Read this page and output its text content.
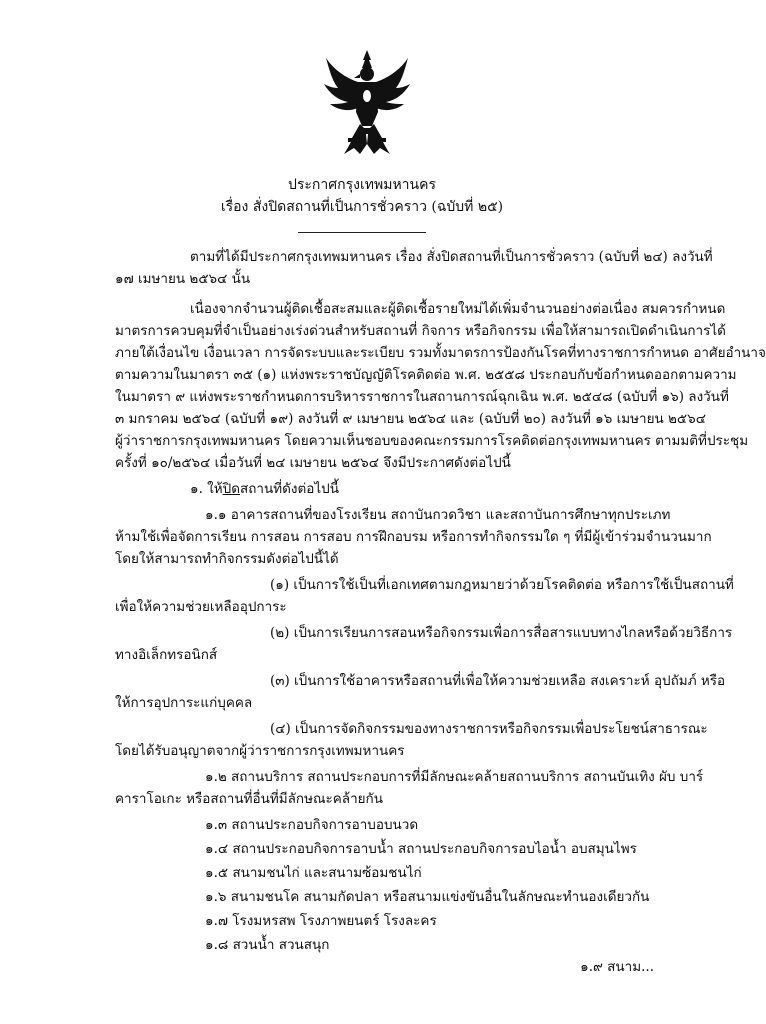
ประกาศกรุงเทพมหานคร
เรื่อง สั่งปิดสถานที่เป็นการชั่วคราว (ฉบับที่ ๒๕)
ตามที่ได้มีประกาศกรุงเทพมหานคร เรื่อง สั่งปิดสถานที่เป็นการชั่วคราว (ฉบับที่ ๒๔) ลงวันที่
๑๗ เมษายน ๒๕๖๔ นั้น
เนื่องจากจำนวนผู้ติดเชื้อสะสมและผู้ติดเชื้อรายใหม่ได้เพิ่มจำนวนอย่างต่อเนื่อง สมควรกำหนด
มาตรการควบคุมที่จำเป็นอย่างเร่งด่วนสำหรับสถานที่ กิจการ หรือกิจกรรม เพื่อให้สามารถเปิดดำเนินการได้
ภายใต้เงื่อนไข เงื่อนเวลา การจัดระบบและระเบียบ รวมทั้งมาตรการป้องกันโรคที่ทางราชการกำหนด อาศัยอำนาจ
ตามความในมาตรา ๓๕ (๑) แห่งพระราชบัญญัติโรคติดต่อ พ.ศ. ๒๕๕๘ ประกอบกับข้อกำหนดออกตามความ
ในมาตรา ๙ แห่งพระราชกำหนดการบริหารราชการในสถานการณ์ฉุกเฉิน พ.ศ. ๒๕๔๘ (ฉบับที่ ๑๖) ลงวันที่
๓ มกราคม ๒๕๖๔ (ฉบับที่ ๑๙) ลงวันที่ ๙ เมษายน ๒๕๖๔ และ (ฉบับที่ ๒๐) ลงวันที่ ๑๖ เมษายน ๒๕๖๔
ผู้ว่าราชการกรุงเทพมหานคร โดยความเห็นชอบของคณะกรรมการโรคติดต่อกรุงเทพมหานคร ตามมติที่ประชุม
ครั้งที่ ๑๐/๒๕๖๔ เมื่อวันที่ ๒๔ เมษายน ๒๕๖๔ จึงมีประกาศดังต่อไปนี้
๑. ให้ปิดสถานที่ดังต่อไปนี้
๑.๑ อาคารสถานที่ของโรงเรียน สถาบันกวดวิชา และสถาบันการศึกษาทุกประเภท
ห้ามใช้เพื่อจัดการเรียน การสอน การสอบ การฝึกอบรม หรือการทำกิจกรรมใด ๆ ที่มีผู้เข้าร่วมจำนวนมาก
โดยให้สามารถทำกิจกรรมดังต่อไปนี้ได้
(๑) เป็นการใช้เป็นที่เอกเทศตามกฎหมายว่าด้วยโรคติดต่อ หรือการใช้เป็นสถานที่
เพื่อให้ความช่วยเหลืออุปการะ
(๒) เป็นการเรียนการสอนหรือกิจกรรมเพื่อการสื่อสารแบบทางไกลหรือด้วยวิธีการ
ทางอิเล็กทรอนิกส์
(๓) เป็นการใช้อาคารหรือสถานที่เพื่อให้ความช่วยเหลือ สงเคราะห์ อุปถัมภ์ หรือ
ให้การอุปการะแก่บุคคล
(๔) เป็นการจัดกิจกรรมของทางราชการหรือกิจกรรมเพื่อประโยชน์สาธารณะ
โดยได้รับอนุญาตจากผู้ว่าราชการกรุงเทพมหานคร
๑.๒ สถานบริการ สถานประกอบการที่มีลักษณะคล้ายสถานบริการ สถานบันเทิง ผับ บาร์
คาราโอเกะ หรือสถานที่อื่นที่มีลักษณะคล้ายกัน
๑.๓ สถานประกอบกิจการอาบอบนวด
๑.๔ สถานประกอบกิจการอาบน้ำ สถานประกอบกิจการอบไอน้ำ อบสมุนไพร
๑.๕ สนามชนไก่ และสนามซ้อมชนไก่
๑.๖ สนามชนโค สนามกัดปลา หรือสนามแข่งขันอื่นในลักษณะทำนองเดียวกัน
๑.๗ โรงมหรสพ โรงภาพยนตร์ โรงละคร
๑.๘ สวนน้ำ สวนสนุก
๑.๙ สนาม...
